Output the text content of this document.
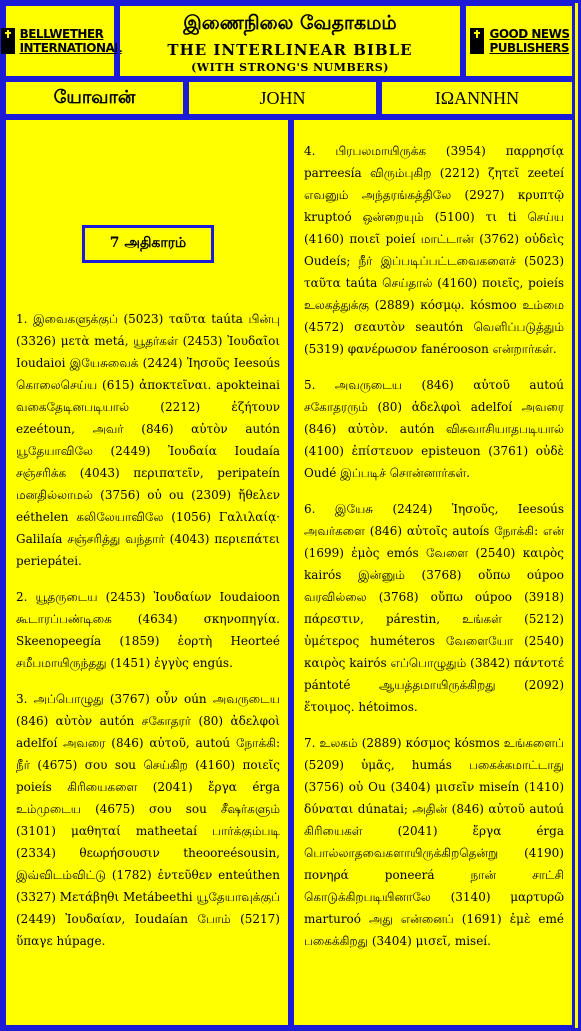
BELLWETHER
INTERNATIONAL
இணைநிலை வேதாகமம்
THE INTERLINEAR BIBLE
(WITH STRONG'S NUMBERS)
GOOD NEWS
PUBLISHERS
யோவான்	JOHN	IΩANNHN
7 அதிகாரம்

1. இவைகளுக்குப் (5023) ταῦτα taúta பின்பு (3326) μετὰ metá, யூதர்கள் (2453) Ἰουδαῖοι Ioudaioi இயேசுவைக் (2424) Ἰησοῦς Ieesoús கொலைசெய்ய (615) ἀποκτεῖναι. apokteinai வகைதேடினபடியால் (2212) ἐζήτουν ezeétoun, அவர் (846) αὐτὸν autón யூதேயாவிலே (2449) Ἰουδαία Ioudaía சஞ்சரிக்க (4043) περιπατεῖν, peripateín மனதில்லாமல் (3756) οὐ ou (2309) ἤθελεν eéthelen கலிலேயாவிலே (1056) Γαλιλαίᾳ· Galilaía சஞ்சரித்து வந்தார் (4043) περιεπάτει periepátei.

2. யூதருடைய (2453) Ἰουδαίων Ioudaioon கூடாரப்பண்டிகை (4634) σκηνοπηγία. Skeenopeegía (1859) ἑορτὴ Heorteé சமீபமாயிருந்தது (1451) ἐγγὺς engús.

3. அப்பொழுது (3767) οὖν oún அவருடைய (846) αὐτὸν autón சகோதரர் (80) ἀδελφοὶ adelfoí அவரை (846) αὐτοῦ, autoú நோக்கி: நீர் (4675) σου sou செய்கிற (4160) ποιεῖς poieís கிரியைகளை (2041) ἔργα érga உம்முடைய (4675) σου sou சீஷர்களும் (3101) μαθηταί matheetaí பார்க்கும்படி (2334) θεωρήσουσιν theooreésousin, இவ்விடம்விட்டு (1782) ἐντεῦθεν enteúthen (3327) Μετάβηθι Metábeethi யூதேயாவுக்குப் (2449) Ἰουδαίαν, Ioudaían போம் (5217) ὕπαγε húpage.

4. பிரபலமாயிருக்க (3954) παρρησίᾳ parreesía விரும்புகிற (2212) ζητεῖ zeeteí எவனும் அந்தரங்கத்திலே (2927) κρυπτῷ kruptoó ஒன்றையும் (5100) τι ti செய்ய (4160) ποιεῖ poieí மாட்டான் (3762) οὐδεὶς Oudeís; நீர் இப்படிப்பட்டவைகளைச் (5023) ταῦτα taúta செய்தால் (4160) ποιεῖς, poieís உலகத்துக்கு (2889) κόσμῳ. kósmoo உம்மை (4572) σεαυτὸν seautón வெளிப்படுத்தும் (5319) φανέρωσον fanérooson என்றார்கள்.

5. அவருடைய (846) αὐτοῦ autoú சகோதரரும் (80) ἀδελφοὶ adelfoí அவரை (846) αὐτὸν. autón விசுவாசியாதபடியால் (4100) ἐπίστευον episteuon (3761) οὐδὲ Oudé இப்படிச் சொன்னார்கள்.

6. இயேசு (2424) Ἰησοῦς, Ieesoús அவர்களை (846) αὐτοῖς autoís நோக்கி: என் (1699) ἐμὸς emós வேளை (2540) καιρὸς kairós இன்னும் (3768) οὔπω oúpoo வரவில்லை (3768) οὔπω oúpoo (3918) πάρεστιν, párestin, உங்கள் (5212) ὑμέτερος huméteros வேளையோ (2540) καιρὸς kairós எப்பொழுதும் (3842) πάντοτέ pántoté ஆயத்தமாயிருக்கிறது (2092) ἕτοιμος. hétoimos.

7. உலகம் (2889) κόσμος kósmos உங்களைப் (5209) ὑμᾶς, humás பகைக்கமாட்டாது (3756) οὐ Ou (3404) μισεῖν miseín (1410) δύναται dúnatai; அதின் (846) αὐτοῦ autoú கிரியைகள் (2041) ἔργα érga பொல்லாதவைகளாயிருக்கிறதென்று (4190) πονηρά poneerá நான் சாட்சி கொடுக்கிறபடியினாலே (3140) μαρτυρῶ marturoó அது என்னைப் (1691) ἐμὲ emé பகைக்கிறது (3404) μισεῖ, miseí.
